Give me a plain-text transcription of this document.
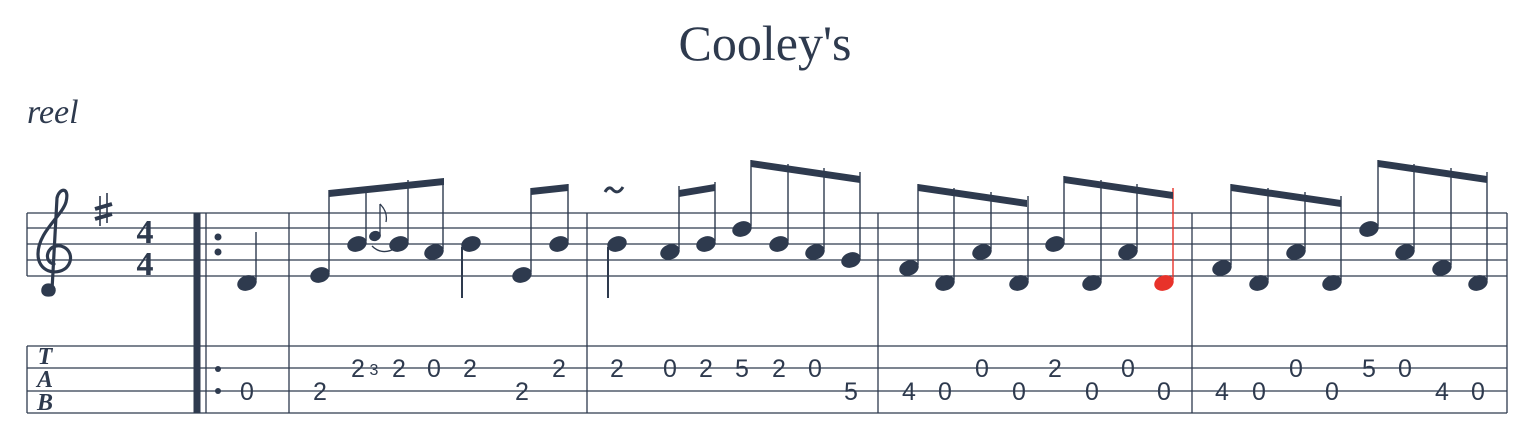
Cooley's
reel
4
4
T
A
B	0 2
2 3 2 0 2
2
2 2 0 2 5 2 0
5 4 0
0
0
2
0
0
0 4 0
0
0
5 0
4 0
